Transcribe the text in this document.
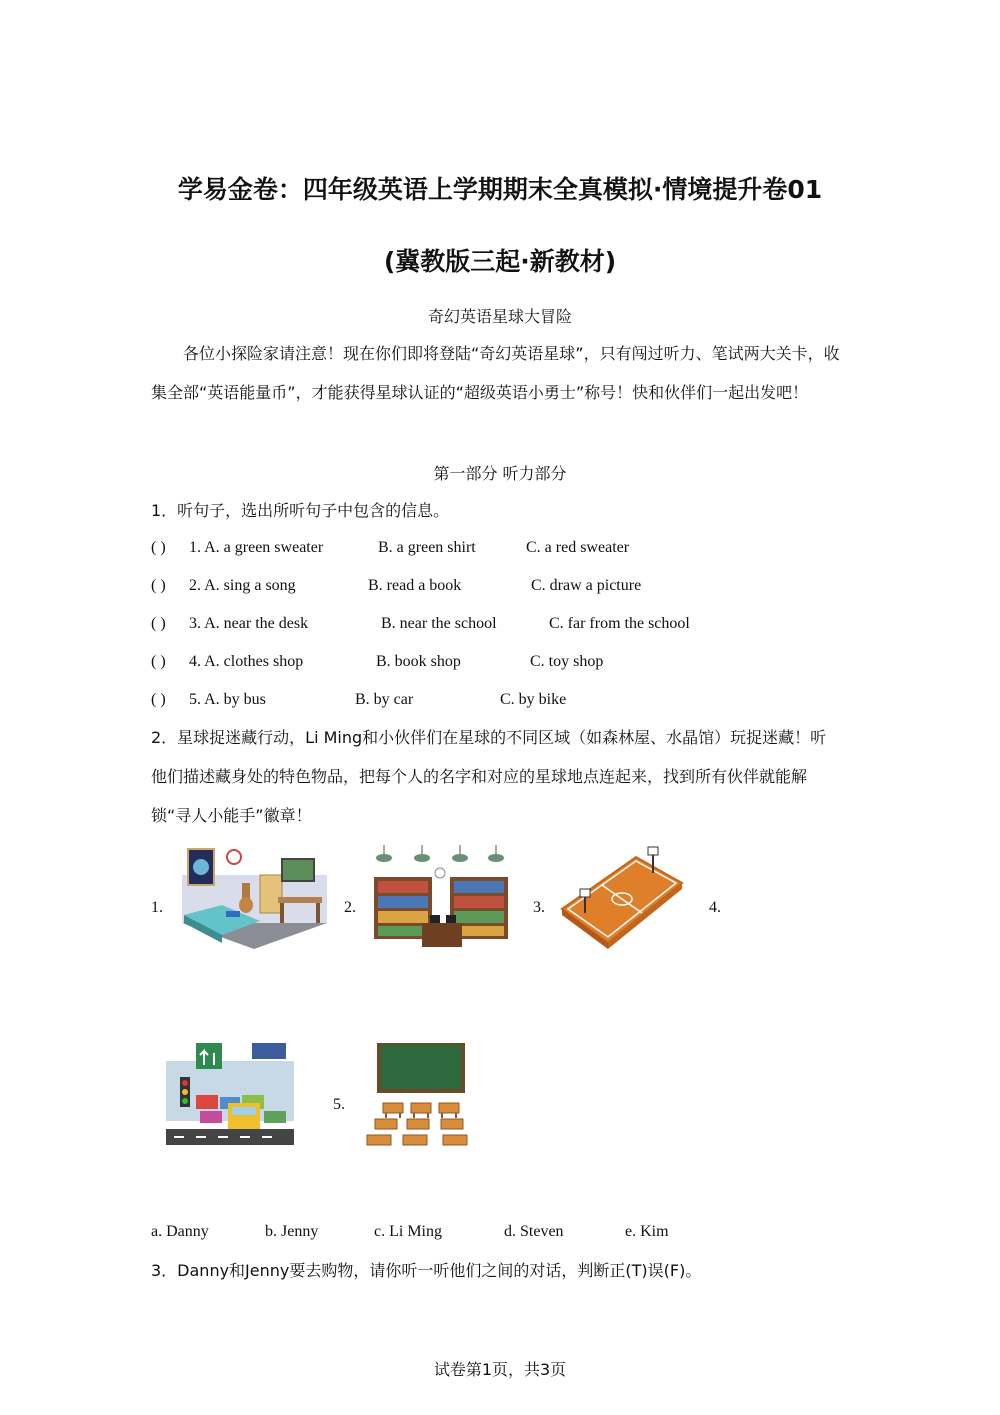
学易金卷：四年级英语上学期期末全真模拟·情境提升卷01
(冀教版三起·新教材)
奇幻英语星球大冒险
各位小探险家请注意！现在你们即将登陆“奇幻英语星球”，只有闯过听力、笔试两大关卡，收集全部“英语能量币”，才能获得星球认证的“超级英语小勇士”称号！快和伙伴们一起出发吧！
第一部分 听力部分
1．听句子，选出所听句子中包含的信息。
( ) 1. A. a green sweater	B. a green shirt	C. a red sweater
( ) 2. A. sing a song	B. read a book	C. draw a picture
( ) 3. A. near the desk	B. near the school	C. far from the school
( ) 4. A. clothes shop	B. book shop	C. toy shop
( ) 5. A. by bus	B. by car	C. by bike
2．星球捉迷藏行动，Li Ming和小伙伴们在星球的不同区域（如森林屋、水晶馆）玩捉迷藏！听他们描述藏身处的特色物品，把每个人的名字和对应的星球地点连起来，找到所有伙伴就能解锁“寻人小能手”徽章！
1.	2.	3.	4.
5.
a. Danny	b. Jenny	c. Li Ming	d. Steven	e. Kim
3．Danny和Jenny要去购物，请你听一听他们之间的对话，判断正(T)误(F)。
试卷第1页，共3页
